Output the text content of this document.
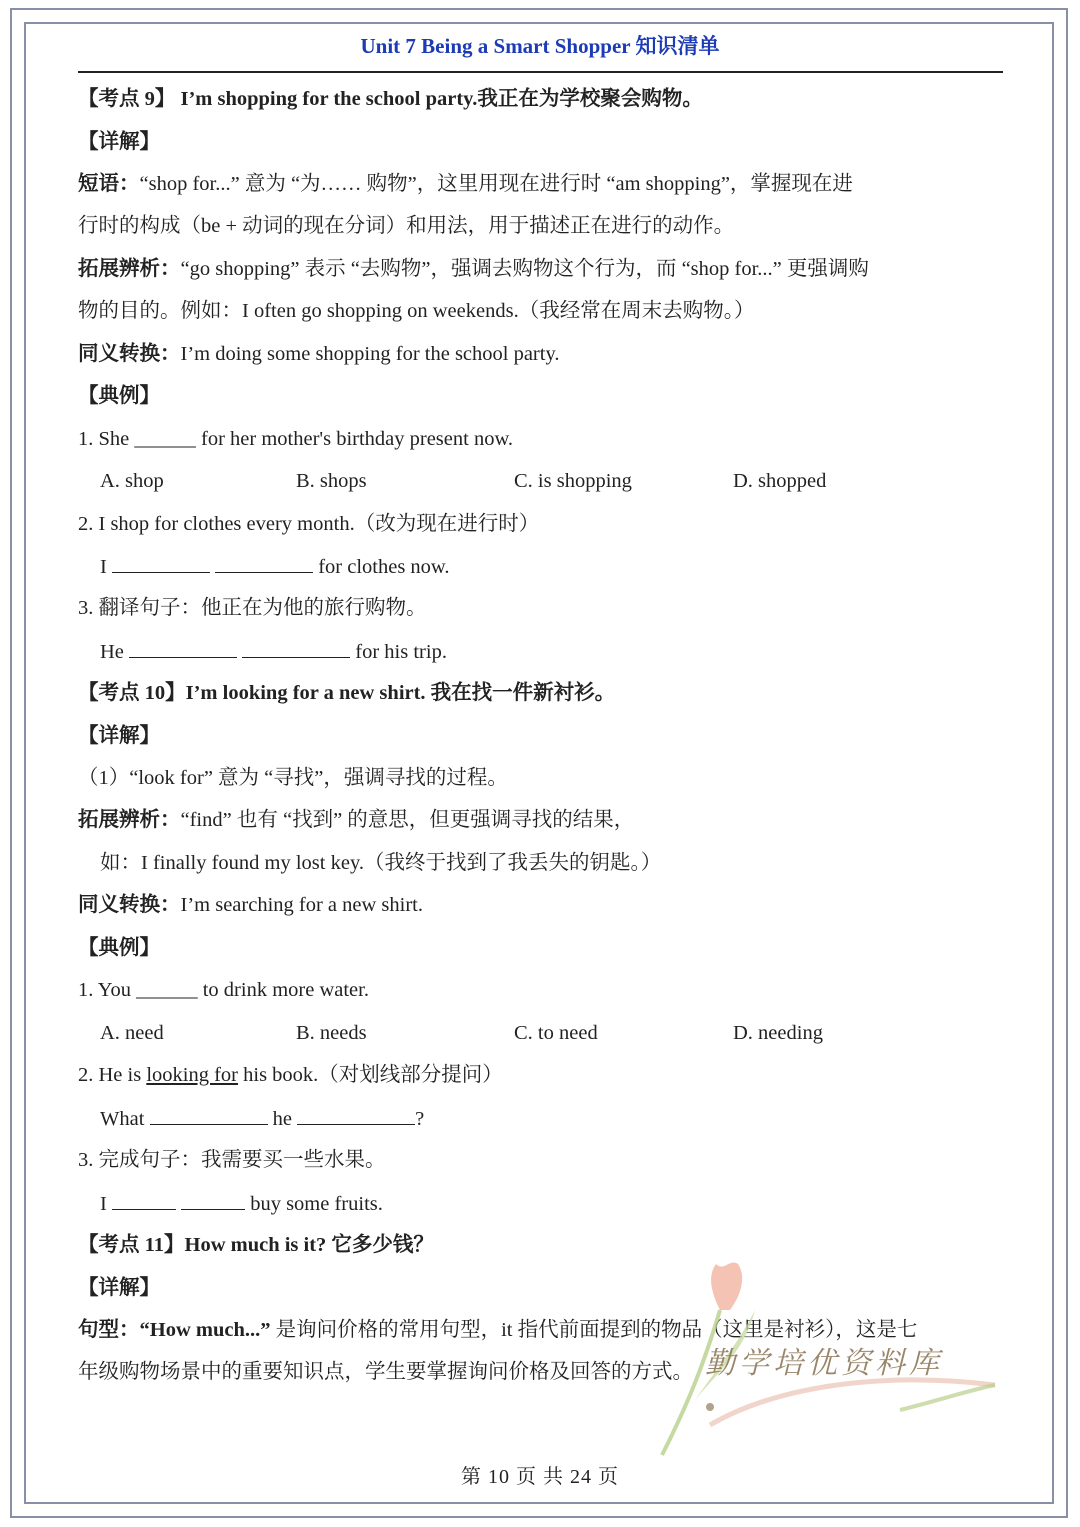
Unit 7 Being a Smart Shopper 知识清单
【考点 9】 I’m shopping for the school party.我正在为学校聚会购物。
【详解】
短语：“shop for...” 意为 “为…… 购物”，这里用现在进行时 “am shopping”，掌握现在进
行时的构成（be + 动词的现在分词）和用法，用于描述正在进行的动作。
拓展辨析：“go shopping” 表示 “去购物”，强调去购物这个行为，而 “shop for...” 更强调购
物的目的。例如：I often go shopping on weekends.（我经常在周末去购物。）
同义转换：I’m doing some shopping for the school party.
【典例】
1. She ______ for her mother's birthday present now.
A. shop	B. shops	C. is shopping	D. shopped
2. I shop for clothes every month.（改为现在进行时）
I	for clothes now.
3. 翻译句子：他正在为他的旅行购物。
He	for his trip.
【考点 10】I’m looking for a new shirt. 我在找一件新衬衫。
【详解】
（1）“look for” 意为 “寻找”，强调寻找的过程。
拓展辨析：“find” 也有 “找到” 的意思，但更强调寻找的结果，
如：I finally found my lost key.（我终于找到了我丢失的钥匙。）
同义转换：I’m searching for a new shirt.
【典例】
1. You ______ to drink more water.
A. need	B. needs	C. to need	D. needing
2. He is looking for his book.（对划线部分提问）
What	he	?
3. 完成句子：我需要买一些水果。
I	buy some fruits.
【考点 11】How much is it? 它多少钱？
【详解】
句型：“How much...” 是询问价格的常用句型，it 指代前面提到的物品（这里是衬衫），这是七
年级购物场景中的重要知识点，学生要掌握询问价格及回答的方式。 勤学培优资料库
第 10 页 共 24 页
